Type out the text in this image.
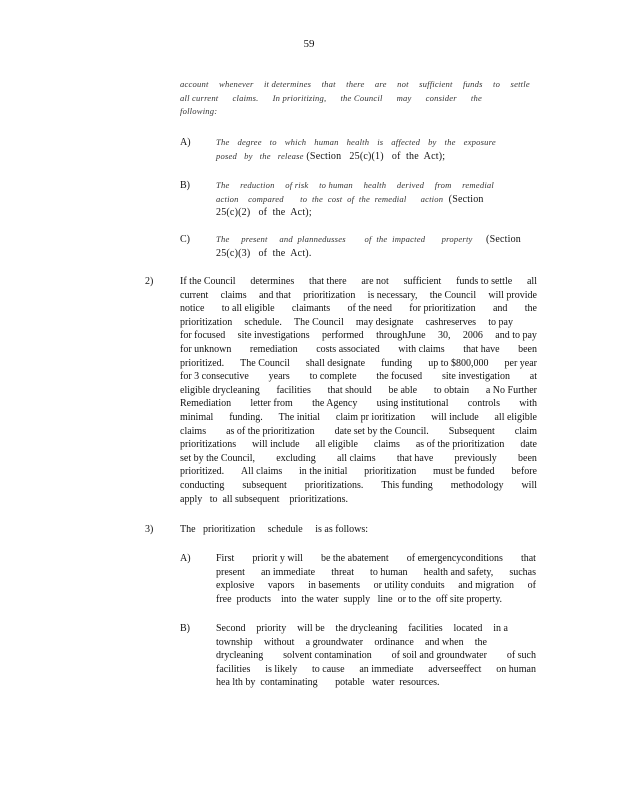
59
account whenever it determines that there are not sufficient funds to settle
all current claims. In prioritizing, the Council may consider the
following:
A)	The degree to which human health is affected by the exposure
posed   by   the   release (Section   25(c)(1)   of  the  Act);
B)	The reduction of risk to human health derived from remedial
action    compared       to  the  cost  of  the  remedial      action  (Section
25(c)(2)   of  the  Act);
C)	The     present     and  plannedusses        of  the  impacted       property     (Section
25(c)(3)   of  the  Act).
2)	If the Council determines that there are not sufficient funds to settle all
current claims and that prioritization is necessary, the Council will provide
notice to all eligible claimants of the need for prioritization and the
prioritization schedule. The Council may designate cashreserves to pay
for focused site investigations performed throughJune 30, 2006 and to pay
for unknown remediation costs associated with claims that have been
prioritized. The Council shall designate funding up to $800,000 per year
for 3 consecutive years to complete the focused site investigation at
eligible drycleaning facilities that should be able to obtain a No Further
Remediation letter from the Agency using institutional controls with
minimal funding. The initial claim pr ioritization will include all eligible
claims as of the prioritization date set by the Council. Subsequent claim
prioritizations will include all eligible claims as of the prioritization date
set by the Council, excluding all claims that have previously been
prioritized. All claims in the initial prioritization must be funded before
conducting subsequent prioritizations. This funding methodology will
apply   to  all subsequent    prioritizations.
3)	The   prioritization     schedule     is as follows:
A)	First priorit y will be the abatement of emergencyconditions that
present an immediate threat to human health and safety, suchas
explosive vapors in basements or utility conduits and migration of
free  products    into  the water  supply   line  or to the  off site property.
B)	Second priority will be the drycleaning facilities located in a
township without a groundwater ordinance and when the
drycleaning solvent contamination of soil and groundwater of such
facilities is likely to cause an immediate adverseeffect on human
hea lth by  contaminating       potable   water  resources.
